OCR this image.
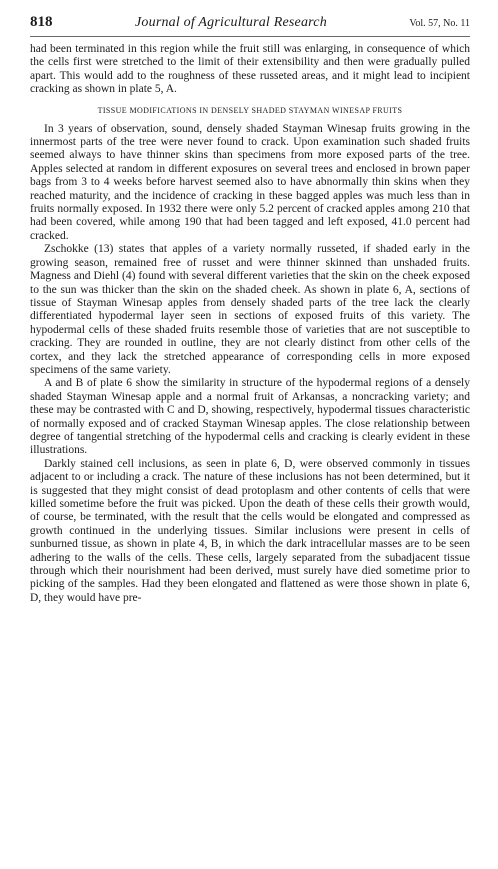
818	Journal of Agricultural Research	Vol. 57, No. 11

had been terminated in this region while the fruit still was enlarging, in consequence of which the cells first were stretched to the limit of their extensibility and then were gradually pulled apart. This would add to the roughness of these russeted areas, and it might lead to incipient cracking as shown in plate 5, A.

TISSUE MODIFICATIONS IN DENSELY SHADED STAYMAN WINESAP FRUITS

In 3 years of observation, sound, densely shaded Stayman Winesap fruits growing in the innermost parts of the tree were never found to crack. Upon examination such shaded fruits seemed always to have thinner skins than specimens from more exposed parts of the tree. Apples selected at random in different exposures on several trees and enclosed in brown paper bags from 3 to 4 weeks before harvest seemed also to have abnormally thin skins when they reached maturity, and the incidence of cracking in these bagged apples was much less than in fruits normally exposed. In 1932 there were only 5.2 percent of cracked apples among 210 that had been covered, while among 190 that had been tagged and left exposed, 41.0 percent had cracked.

Zschokke (13) states that apples of a variety normally russeted, if shaded early in the growing season, remained free of russet and were thinner skinned than unshaded fruits. Magness and Diehl (4) found with several different varieties that the skin on the cheek exposed to the sun was thicker than the skin on the shaded cheek. As shown in plate 6, A, sections of tissue of Stayman Winesap apples from densely shaded parts of the tree lack the clearly differentiated hypodermal layer seen in sections of exposed fruits of this variety. The hypodermal cells of these shaded fruits resemble those of varieties that are not susceptible to cracking. They are rounded in outline, they are not clearly distinct from other cells of the cortex, and they lack the stretched appearance of corresponding cells in more exposed specimens of the same variety.

A and B of plate 6 show the similarity in structure of the hypodermal regions of a densely shaded Stayman Winesap apple and a normal fruit of Arkansas, a noncracking variety; and these may be contrasted with C and D, showing, respectively, hypodermal tissues characteristic of normally exposed and of cracked Stayman Winesap apples. The close relationship between degree of tangential stretching of the hypodermal cells and cracking is clearly evident in these illustrations.

Darkly stained cell inclusions, as seen in plate 6, D, were observed commonly in tissues adjacent to or including a crack. The nature of these inclusions has not been determined, but it is suggested that they might consist of dead protoplasm and other contents of cells that were killed sometime before the fruit was picked. Upon the death of these cells their growth would, of course, be terminated, with the result that the cells would be elongated and compressed as growth continued in the underlying tissues. Similar inclusions were present in cells of sunburned tissue, as shown in plate 4, B, in which the dark intracellular masses are to be seen adhering to the walls of the cells. These cells, largely separated from the subadjacent tissue through which their nourishment had been derived, must surely have died sometime prior to picking of the samples. Had they been elongated and flattened as were those shown in plate 6, D, they would have pre-
